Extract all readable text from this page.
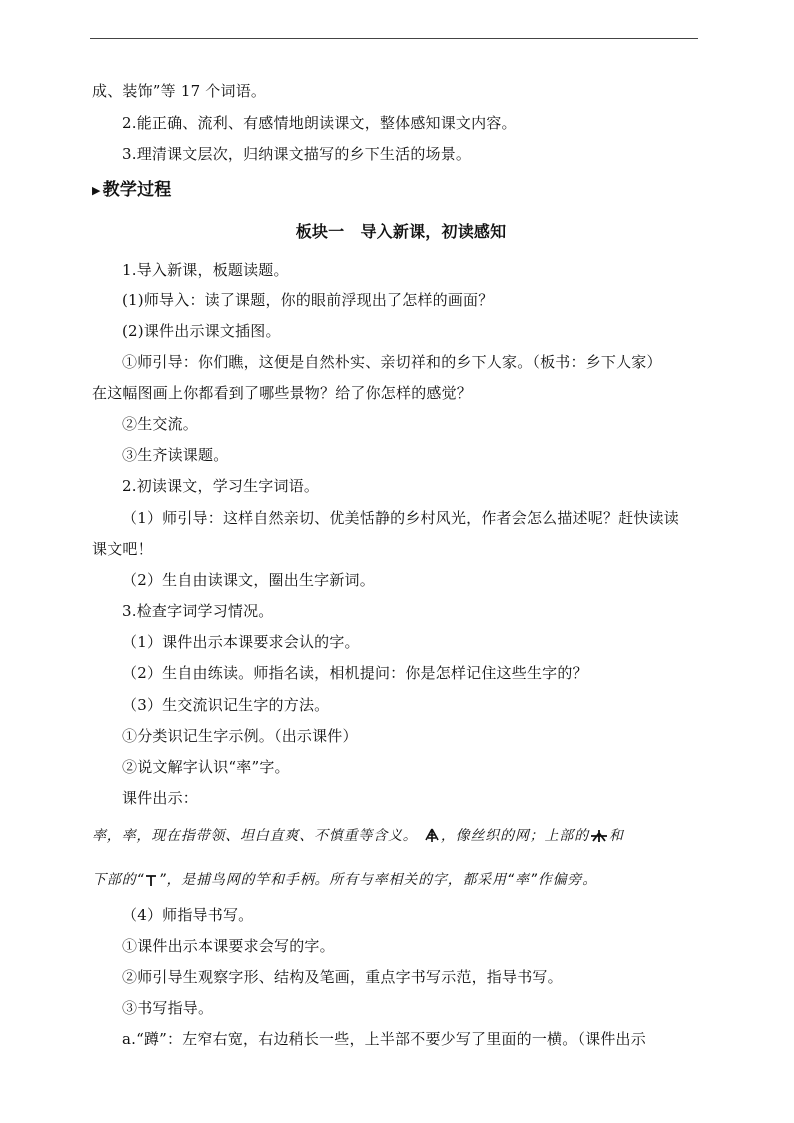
成、装饰”等 17 个词语。
2.能正确、流利、有感情地朗读课文，整体感知课文内容。
3.理清课文层次，归纳课文描写的乡下生活的场景。
▶ 教学过程
板块一　导入新课，初读感知
1.导入新课，板题读题。
(1)师导入：读了课题，你的眼前浮现出了怎样的画面？
(2)课件出示课文插图。
①师引导：你们瞧，这便是自然朴实、亲切祥和的乡下人家。（板书：乡下人家）
在这幅图画上你都看到了哪些景物？给了你怎样的感觉？
②生交流。
③生齐读课题。
2.初读课文，学习生字词语。
（1）师引导：这样自然亲切、优美恬静的乡村风光，作者会怎么描述呢？赶快读读
课文吧！
（2）生自由读课文，圈出生字新词。
3.检查字词学习情况。
（1）课件出示本课要求会认的字。
（2）生自由练读。师指名读，相机提问：你是怎样记住这些生字的？
（3）生交流识记生字的方法。
①分类识记生字示例。（出示课件）
②说文解字认识“率”字。
课件出示：
率，率，现在指带领、坦白直爽、不慎重等含义。 ，像丝织的网；上部的 和
下部的“ ”，是捕鸟网的竿和手柄。所有与率相关的字，都采用“率”作偏旁。
（4）师指导书写。
①课件出示本课要求会写的字。
②师引导生观察字形、结构及笔画，重点字书写示范，指导书写。
③书写指导。
a.“蹲”：左窄右宽，右边稍长一些，上半部不要少写了里面的一横。（课件出示
